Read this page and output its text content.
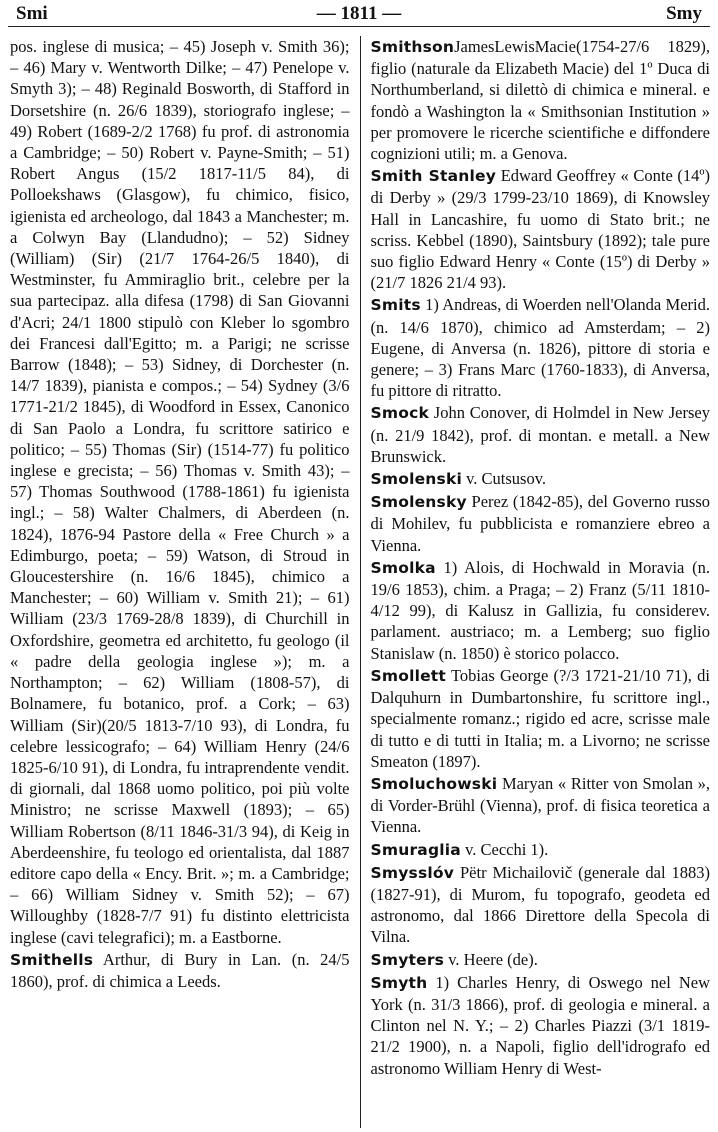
Smi	— 1811 —	Smy

pos. inglese di musica; – 45) Joseph v. Smith 36); – 46) Mary v. Wentworth Dilke; – 47) Penelope v. Smyth 3); – 48) Reginald Bosworth, di Stafford in Dorsetshire (n. 26/6 1839), storiografo inglese; – 49) Robert (1689-2/2 1768) fu prof. di astronomia a Cambridge; – 50) Robert v. Payne-Smith; – 51) Robert Angus (15/2 1817-11/5 84), di Polloekshaws (Glasgow), fu chimico, fisico, igienista ed archeologo, dal 1843 a Manchester; m. a Colwyn Bay (Llandudno); – 52) Sidney (William) (Sir) (21/7 1764-26/5 1840), di Westminster, fu Ammiraglio brit., celebre per la sua partecipaz. alla difesa (1798) di San Giovanni d'Acri; 24/1 1800 stipulò con Kleber lo sgombro dei Francesi dall'Egitto; m. a Parigi; ne scrisse Barrow (1848); – 53) Sidney, di Dorchester (n. 14/7 1839), pianista e compos.; – 54) Sydney (3/6 1771-21/2 1845), di Woodford in Essex, Canonico di San Paolo a Londra, fu scrittore satirico e politico; – 55) Thomas (Sir) (1514-77) fu politico inglese e grecista; – 56) Thomas v. Smith 43); – 57) Thomas Southwood (1788-1861) fu igienista ingl.; – 58) Walter Chalmers, di Aberdeen (n. 1824), 1876-94 Pastore della « Free Church » a Edimburgo, poeta; – 59) Watson, di Stroud in Gloucestershire (n. 16/6 1845), chimico a Manchester; – 60) William v. Smith 21); – 61) William (23/3 1769-28/8 1839), di Churchill in Oxfordshire, geometra ed architetto, fu geologo (il « padre della geologia inglese »); m. a Northampton; – 62) William (1808-57), di Bolnamere, fu botanico, prof. a Cork; – 63) William (Sir)(20/5 1813-7/10 93), di Londra, fu celebre lessicografo; – 64) William Henry (24/6 1825-6/10 91), di Londra, fu intraprendente vendit. di giornali, dal 1868 uomo politico, poi più volte Ministro; ne scrisse Maxwell (1893); – 65) William Robertson (8/11 1846-31/3 94), di Keig in Aberdeenshire, fu teologo ed orientalista, dal 1887 editore capo della « Ency. Brit. »; m. a Cambridge; – 66) William Sidney v. Smith 52); – 67) Willoughby (1828-7/7 91) fu distinto elettricista inglese (cavi telegrafici); m. a Eastborne.

Smithells Arthur, di Bury in Lan. (n. 24/5 1860), prof. di chimica a Leeds.

SmithsonJamesLewisMacie(1754-27/6 1829), figlio (naturale da Elizabeth Macie) del 1º Duca di Northumberland, si dilettò di chimica e mineral. e fondò a Washington la « Smithsonian Institution » per promovere le ricerche scientifiche e diffondere cognizioni utili; m. a Genova.

Smith Stanley Edward Geoffrey « Conte (14º) di Derby » (29/3 1799-23/10 1869), di Knowsley Hall in Lancashire, fu uomo di Stato brit.; ne scriss. Kebbel (1890), Saintsbury (1892); tale pure suo figlio Edward Henry « Conte (15º) di Derby » (21/7 1826 21/4 93).

Smits 1) Andreas, di Woerden nell'Olanda Merid. (n. 14/6 1870), chimico ad Amsterdam; – 2) Eugene, di Anversa (n. 1826), pittore di storia e genere; – 3) Frans Marc (1760-1833), di Anversa, fu pittore di ritratto.

Smock John Conover, di Holmdel in New Jersey (n. 21/9 1842), prof. di montan. e metall. a New Brunswick.

Smolenski v. Cutsusov.

Smolensky Perez (1842-85), del Governo russo di Mohilev, fu pubblicista e romanziere ebreo a Vienna.

Smolka 1) Alois, di Hochwald in Moravia (n. 19/6 1853), chim. a Praga; – 2) Franz (5/11 1810-4/12 99), di Kalusz in Gallizia, fu considerev. parlament. austriaco; m. a Lemberg; suo figlio Stanislaw (n. 1850) è storico polacco.

Smollett Tobias George (?/3 1721-21/10 71), di Dalquhurn in Dumbartonshire, fu scrittore ingl., specialmente romanz.; rigido ed acre, scrisse male di tutto e di tutti in Italia; m. a Livorno; ne scrisse Smeaton (1897).

Smoluchowski Maryan « Ritter von Smolan », di Vorder-Brühl (Vienna), prof. di fisica teoretica a Vienna.

Smuraglia v. Cecchi 1).

Smysslóv Pëtr Michailovič (generale dal 1883) (1827-91), di Murom, fu topografo, geodeta ed astronomo, dal 1866 Direttore della Specola di Vilna.

Smyters v. Heere (de).

Smyth 1) Charles Henry, di Oswego nel New York (n. 31/3 1866), prof. di geologia e mineral. a Clinton nel N. Y.; – 2) Charles Piazzi (3/1 1819-21/2 1900), n. a Napoli, figlio dell'idrografo ed astronomo William Henry di West-
